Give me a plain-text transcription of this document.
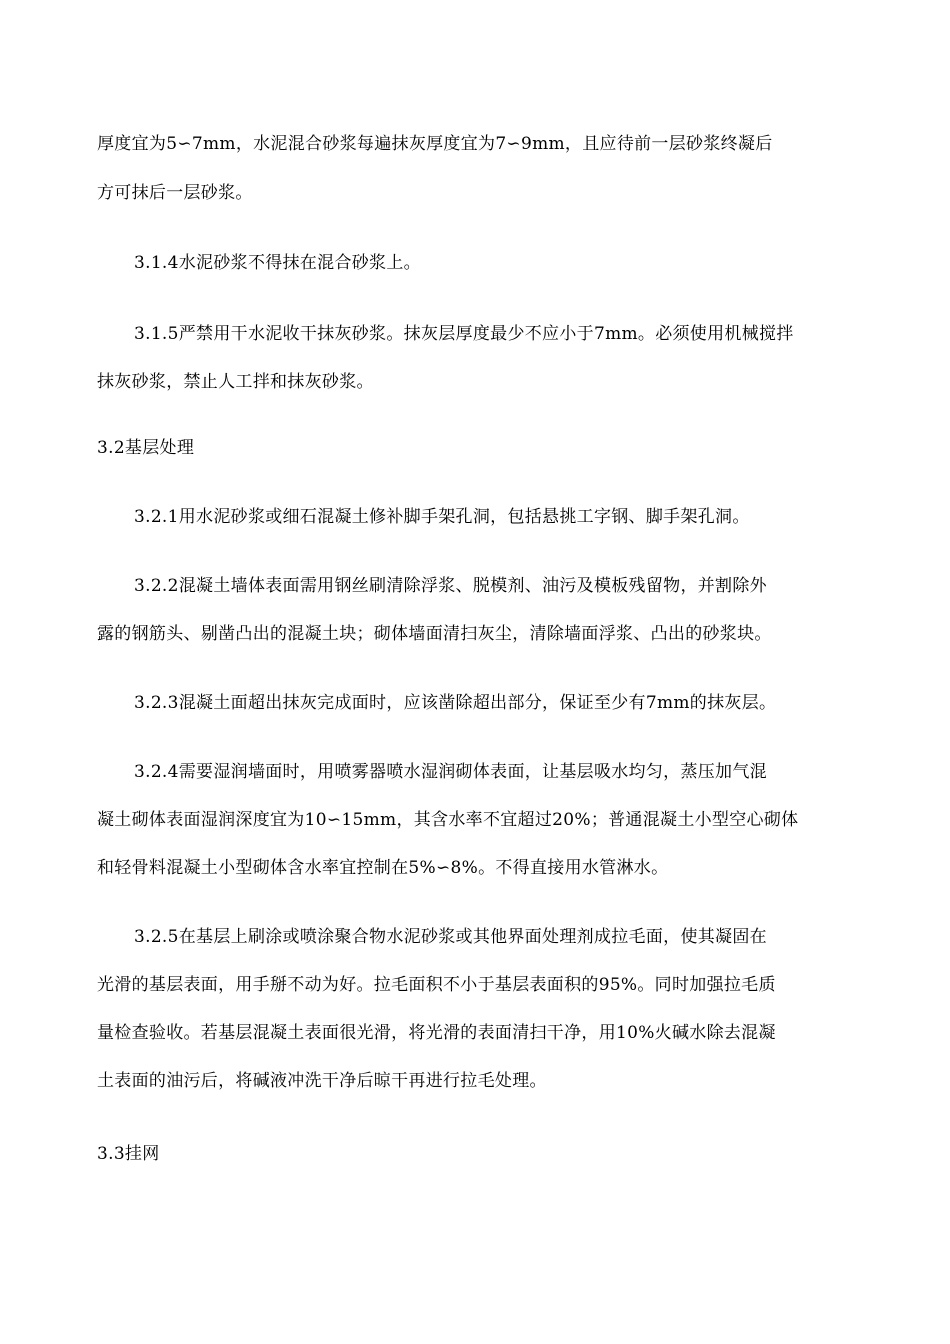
厚度宜为5∽7mm，水泥混合砂浆每遍抹灰厚度宜为7∽9mm，且应待前一层砂浆终凝后
方可抹后一层砂浆。
3.1.4水泥砂浆不得抹在混合砂浆上。
3.1.5严禁用干水泥收干抹灰砂浆。抹灰层厚度最少不应小于7mm。必须使用机械搅拌
抹灰砂浆，禁止人工拌和抹灰砂浆。
3.2基层处理
3.2.1用水泥砂浆或细石混凝土修补脚手架孔洞，包括悬挑工字钢、脚手架孔洞。
3.2.2混凝土墙体表面需用钢丝刷清除浮浆、脱模剂、油污及模板残留物，并割除外
露的钢筋头、剔凿凸出的混凝土块；砌体墙面清扫灰尘，清除墙面浮浆、凸出的砂浆块。
3.2.3混凝土面超出抹灰完成面时，应该凿除超出部分，保证至少有7mm的抹灰层。
3.2.4需要湿润墙面时，用喷雾器喷水湿润砌体表面，让基层吸水均匀，蒸压加气混
凝土砌体表面湿润深度宜为10∽15mm，其含水率不宜超过20%；普通混凝土小型空心砌体
和轻骨料混凝土小型砌体含水率宜控制在5%∽8%。不得直接用水管淋水。
3.2.5在基层上刷涂或喷涂聚合物水泥砂浆或其他界面处理剂成拉毛面，使其凝固在
光滑的基层表面，用手掰不动为好。拉毛面积不小于基层表面积的95%。同时加强拉毛质
量检查验收。若基层混凝土表面很光滑，将光滑的表面清扫干净，用10%火碱水除去混凝
土表面的油污后，将碱液冲洗干净后晾干再进行拉毛处理。
3.3挂网
